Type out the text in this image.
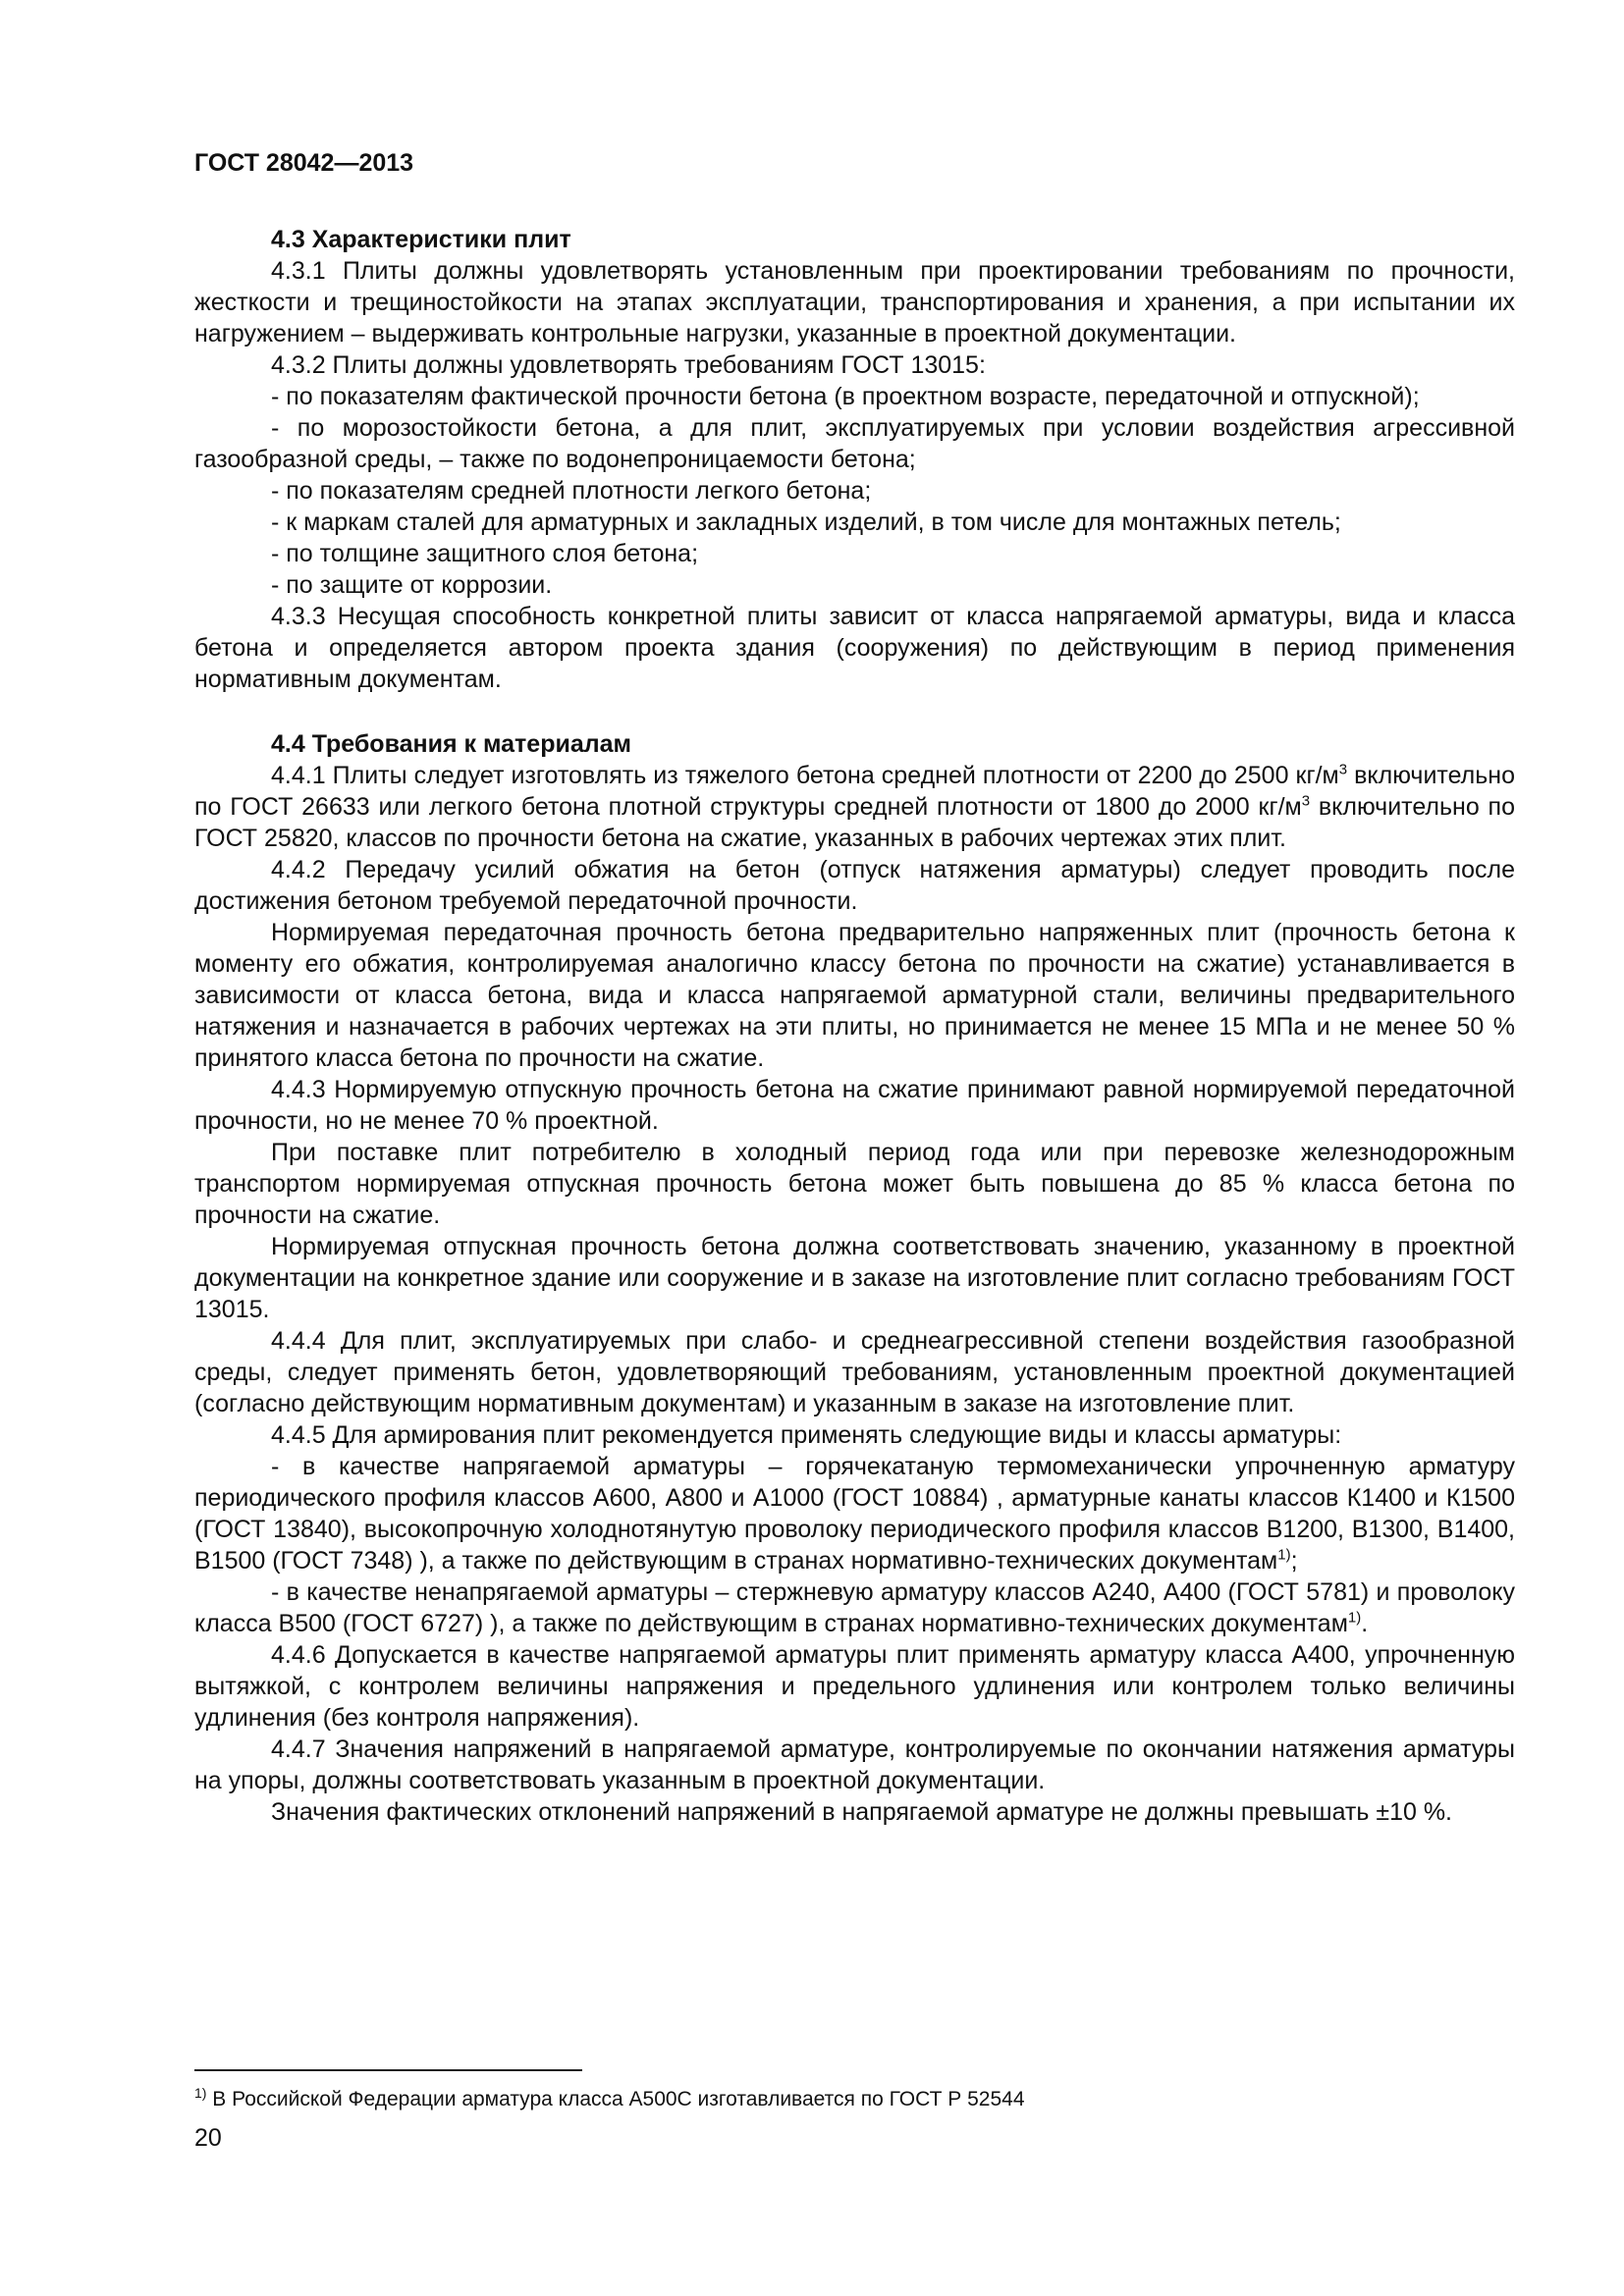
ГОСТ 28042—2013
4.3 Характеристики плит

4.3.1 Плиты должны удовлетворять установленным при проектировании требованиям по прочности, жесткости и трещиностойкости на этапах эксплуатации, транспортирования и хранения, а при испытании их нагружением – выдерживать контрольные нагрузки, указанные в проектной документации.

4.3.2 Плиты должны удовлетворять требованиям ГОСТ 13015:

- по показателям фактической прочности бетона (в проектном возрасте, передаточной и отпускной);

- по морозостойкости бетона, а для плит, эксплуатируемых при условии воздействия агрессивной газообразной среды, – также по водонепроницаемости бетона;

- по показателям средней плотности легкого бетона;

- к маркам сталей для арматурных и закладных изделий, в том числе для монтажных петель;

- по толщине защитного слоя бетона;

- по защите от коррозии.

4.3.3 Несущая способность конкретной плиты зависит от класса напрягаемой арматуры, вида и класса бетона и определяется автором проекта здания (сооружения) по действующим в период применения нормативным документам.

4.4 Требования к материалам

4.4.1 Плиты следует изготовлять из тяжелого бетона средней плотности от 2200 до 2500 $кг/м^3$ включительно по ГОСТ 26633 или легкого бетона плотной структуры средней плотности от 1800 до 2000 $кг/м^3$ включительно по ГОСТ 25820, классов по прочности бетона на сжатие, указанных в рабочих чертежах этих плит.

4.4.2 Передачу усилий обжатия на бетон (отпуск натяжения арматуры) следует проводить после достижения бетоном требуемой передаточной прочности.

Нормируемая передаточная прочность бетона предварительно напряженных плит (прочность бетона к моменту его обжатия, контролируемая аналогично классу бетона по прочности на сжатие) устанавливается в зависимости от класса бетона, вида и класса напрягаемой арматурной стали, величины предварительного натяжения и назначается в рабочих чертежах на эти плиты, но принимается не менее 15 МПа и не менее 50 % принятого класса бетона по прочности на сжатие.

4.4.3 Нормируемую отпускную прочность бетона на сжатие принимают равной нормируемой передаточной прочности, но не менее 70 % проектной.

При поставке плит потребителю в холодный период года или при перевозке железнодорожным транспортом нормируемая отпускная прочность бетона может быть повышена до 85 % класса бетона по прочности на сжатие.

Нормируемая отпускная прочность бетона должна соответствовать значению, указанному в проектной документации на конкретное здание или сооружение и в заказе на изготовление плит согласно требованиям ГОСТ 13015.

4.4.4 Для плит, эксплуатируемых при слабо- и среднеагрессивной степени воздействия газообразной среды, следует применять бетон, удовлетворяющий требованиям, установленным проектной документацией (согласно действующим нормативным документам) и указанным в заказе на изготовление плит.

4.4.5 Для армирования плит рекомендуется применять следующие виды и классы арматуры:

- в качестве напрягаемой арматуры – горячекатаную термомеханически упрочненную арматуру периодического профиля классов А600, А800 и А1000 (ГОСТ 10884) , арматурные канаты классов К1400 и К1500 (ГОСТ 13840), высокопрочную холоднотянутую проволоку периодического профиля классов В1200, В1300, В1400, В1500 (ГОСТ 7348) ), а также по действующим в странах нормативно-технических документам$^{1)}$;

- в качестве ненапрягаемой арматуры – стержневую арматуру классов А240, А400 (ГОСТ 5781) и проволоку класса В500 (ГОСТ 6727) ), а также по действующим в странах нормативно-технических документам$^{1)}$.

4.4.6 Допускается в качестве напрягаемой арматуры плит применять арматуру класса А400, упрочненную вытяжкой, с контролем величины напряжения и предельного удлинения или контролем только величины удлинения (без контроля напряжения).

4.4.7 Значения напряжений в напрягаемой арматуре, контролируемые по окончании натяжения арматуры на упоры, должны соответствовать указанным в проектной документации.

Значения фактических отклонений напряжений в напрягаемой арматуре не должны превышать ±10 %.

$^{1)}$ В Российской Федерации арматура класса А500С изготавливается по ГОСТ Р 52544
20
